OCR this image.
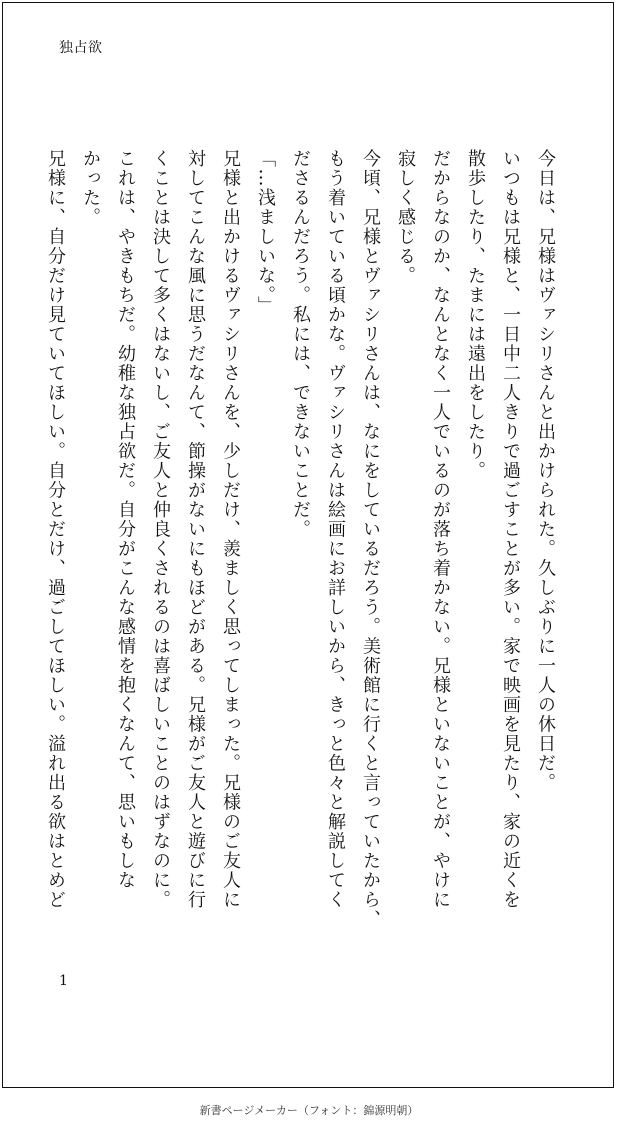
独占欲

今日は、兄様はヴァシリさんと出かけられた。久しぶりに一人の休日だ。

いつもは兄様と、一日中二人きりで過ごすことが多い。家で映画を見たり、家の近くを

散歩したり、たまには遠出をしたり。

だからなのか、なんとなく一人でいるのが落ち着かない。兄様といないことが、やけに

寂しく感じる。

今頃、兄様とヴァシリさんは、なにをしているだろう。美術館に行くと言っていたから、

もう着いている頃かな。ヴァシリさんは絵画にお詳しいから、きっと色々と解説してく

ださるんだろう。私には、できないことだ。

「…浅ましいな。」

兄様と出かけるヴァシリさんを、少しだけ、羨ましく思ってしまった。兄様のご友人に

対してこんな風に思うだなんて、節操がないにもほどがある。兄様がご友人と遊びに行

くことは決して多くはないし、ご友人と仲良くされるのは喜ばしいことのはずなのに。

これは、やきもちだ。幼稚な独占欲だ。自分がこんな感情を抱くなんて、思いもしな

かった。

兄様に、自分だけ見ていてほしい。自分とだけ、過ごしてほしい。溢れ出る欲はとめど

1
新書ページメーカー（フォント：錦源明朝）
